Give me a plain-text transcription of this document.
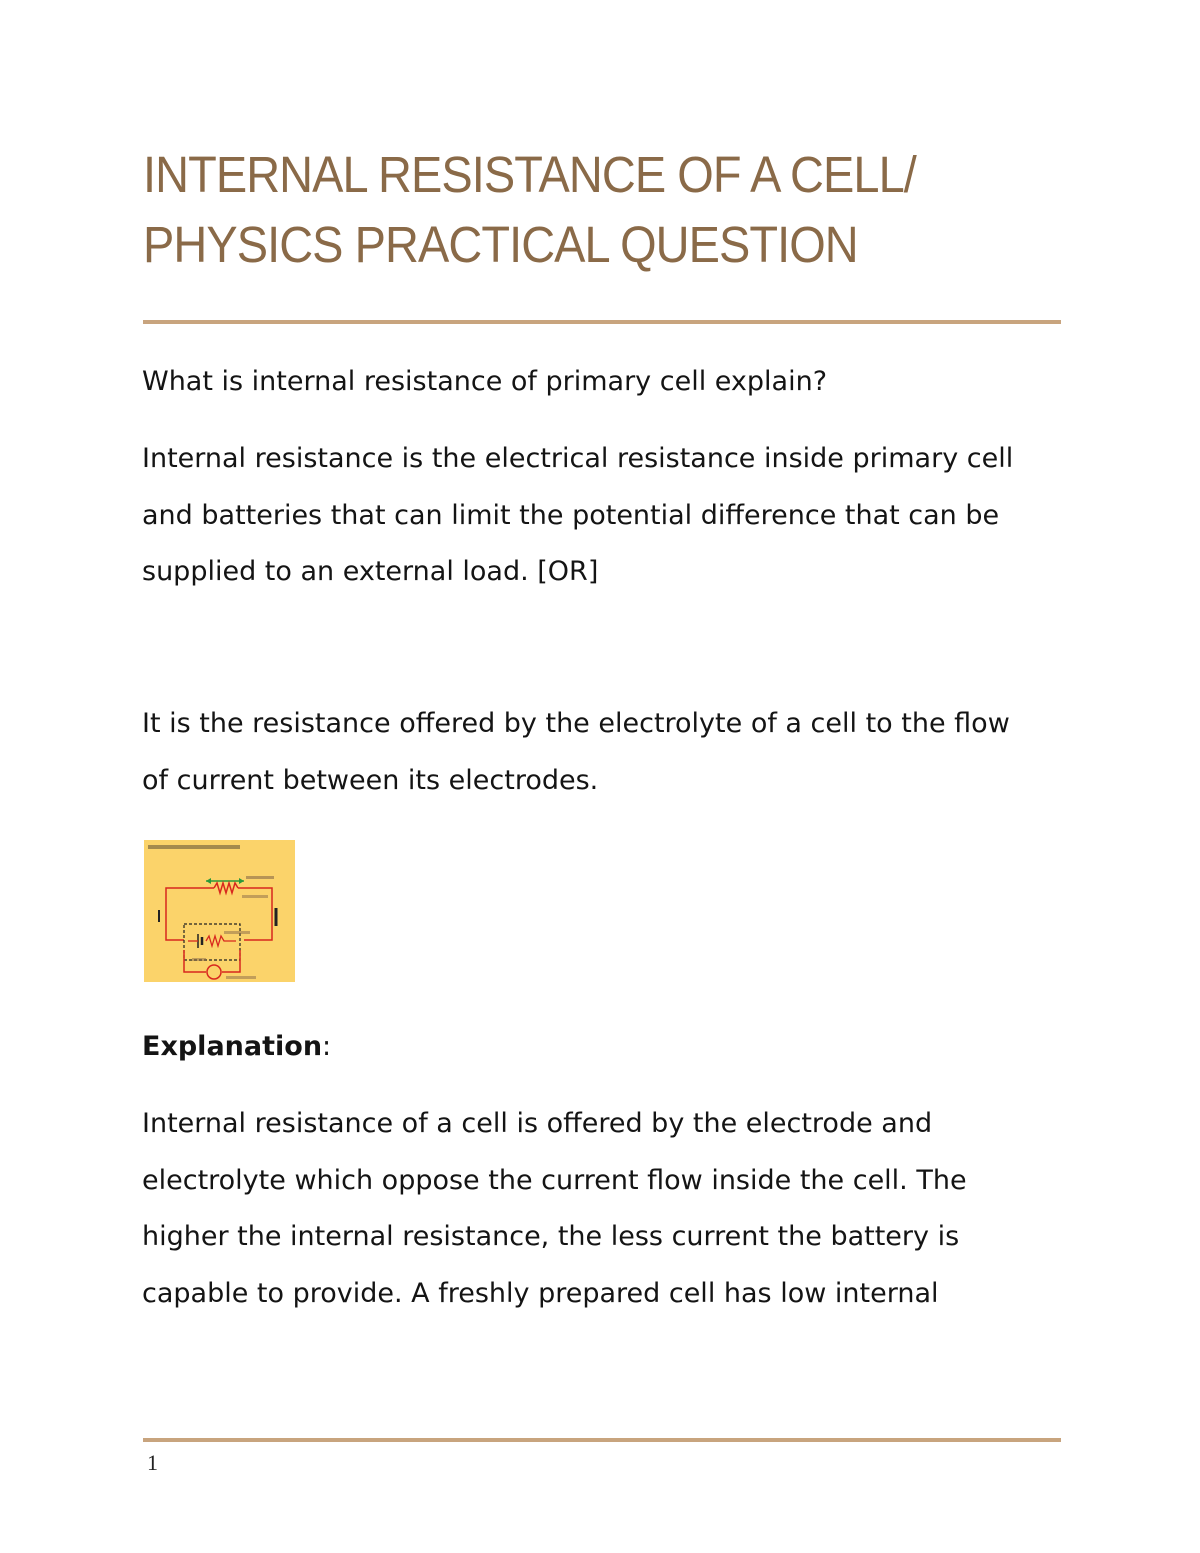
INTERNAL RESISTANCE OF A CELL/ PHYSICS PRACTICAL QUESTION

What is internal resistance of primary cell explain?

Internal resistance is the electrical resistance inside primary cell and batteries that can limit the potential difference that can be supplied to an external load. [OR]

It is the resistance offered by the electrolyte of a cell to the flow of current between its electrodes.

Explanation:

Internal resistance of a cell is offered by the electrode and electrolyte which oppose the current flow inside the cell. The higher the internal resistance, the less current the battery is capable to provide. A freshly prepared cell has low internal

1
